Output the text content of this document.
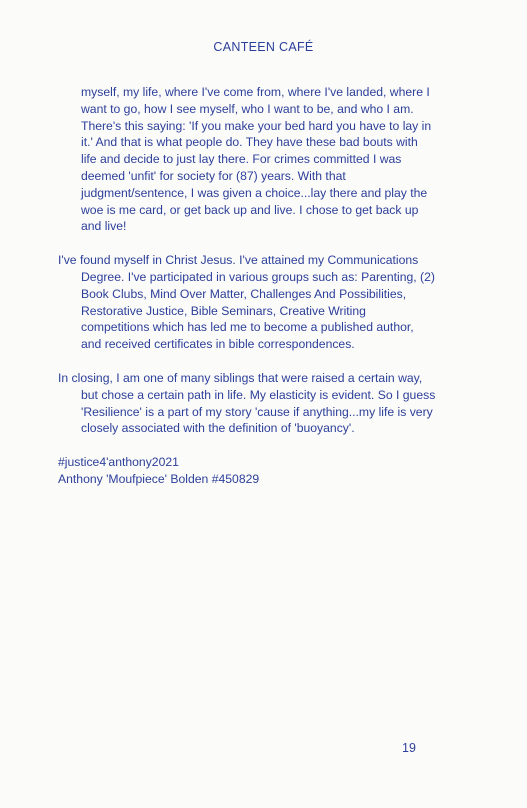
CANTEEN CAFÉ

myself, my life, where I've come from, where I've landed, where I want to go, how I see myself, who I want to be, and who I am. There's this saying: 'If you make your bed hard you have to lay in it.' And that is what people do. They have these bad bouts with life and decide to just lay there. For crimes committed I was deemed 'unfit' for society for (87) years. With that judgment/sentence, I was given a choice...lay there and play the woe is me card, or get back up and live. I chose to get back up and live!

I've found myself in Christ Jesus. I've attained my Communications Degree. I've participated in various groups such as: Parenting, (2) Book Clubs, Mind Over Matter, Challenges And Possibilities, Restorative Justice, Bible Seminars, Creative Writing competitions which has led me to become a published author, and received certificates in bible correspondences.

In closing, I am one of many siblings that were raised a certain way, but chose a certain path in life. My elasticity is evident. So I guess 'Resilience' is a part of my story 'cause if anything...my life is very closely associated with the definition of 'buoyancy'.

#justice4'anthony2021

Anthony 'Moufpiece' Bolden #450829

19
